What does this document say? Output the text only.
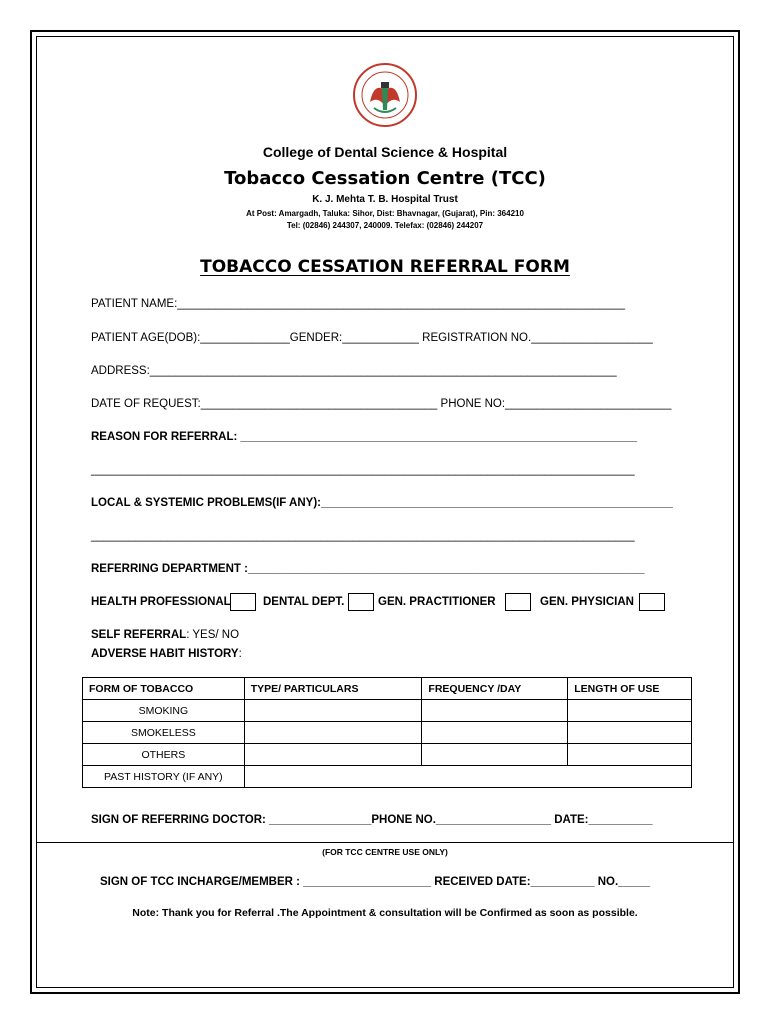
College of Dental Science & Hospital
Tobacco Cessation Centre (TCC)
K. J. Mehta T. B. Hospital Trust
At Post: Amargadh, Taluka: Sihor, Dist: Bhavnagar, (Gujarat), Pin: 364210
Tel: (02846) 244307, 240009. Telefax: (02846) 244207
TOBACCO CESSATION REFERRAL FORM
PATIENT NAME:______________________________________________________________________
PATIENT AGE(DOB):______________GENDER:____________ REGISTRATION NO.___________________
ADDRESS:_________________________________________________________________________
DATE OF REQUEST:_____________________________________ PHONE NO:__________________________
REASON FOR REFERRAL: ______________________________________________________________
_____________________________________________________________________________________
LOCAL & SYSTEMIC PROBLEMS(IF ANY):_______________________________________________________
_____________________________________________________________________________________
REFERRING DEPARTMENT :______________________________________________________________
HEALTH PROFESSIONAL	DENTAL DEPT.	GEN. PRACTITIONER	GEN. PHYSICIAN
SELF REFERRAL: YES/ NO
ADVERSE HABIT HISTORY:
FORM OF TOBACCO	TYPE/ PARTICULARS	FREQUENCY /DAY	LENGTH OF USE
SMOKING			
SMOKELESS			
OTHERS			
PAST HISTORY (IF ANY)			
SIGN OF REFERRING DOCTOR: ________________PHONE NO.__________________ DATE:__________
(FOR TCC CENTRE USE ONLY)
SIGN OF TCC INCHARGE/MEMBER : ____________________ RECEIVED DATE:__________ NO._____
Note: Thank you for Referral .The Appointment & consultation will be Confirmed as soon as possible.
